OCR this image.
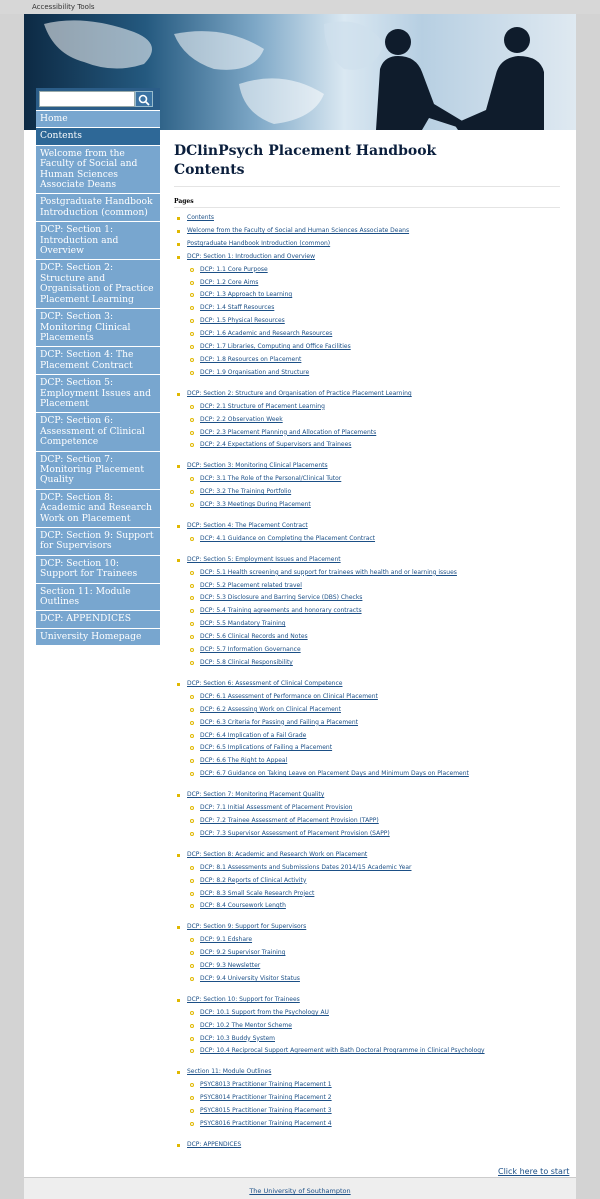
Accessibility Tools
Home
Contents
Welcome from the Faculty of Social and Human Sciences Associate Deans
Postgraduate Handbook Introduction (common)
DCP: Section 1: Introduction and Overview
DCP: Section 2: Structure and Organisation of Practice Placement Learning
DCP: Section 3: Monitoring Clinical Placements
DCP: Section 4: The Placement Contract
DCP: Section 5: Employment Issues and Placement
DCP: Section 6: Assessment of Clinical Competence
DCP: Section 7: Monitoring Placement Quality
DCP: Section 8: Academic and Research Work on Placement
DCP: Section 9: Support for Supervisors
DCP: Section 10: Support for Trainees
Section 11: Module Outlines
DCP: APPENDICES
University Homepage
DClinPsych Placement Handbook
Contents
Pages
Contents
Welcome from the Faculty of Social and Human Sciences Associate Deans
Postgraduate Handbook Introduction (common)
DCP: Section 1: Introduction and Overview
DCP: 1.1 Core Purpose
DCP: 1.2 Core Aims
DCP: 1.3 Approach to Learning
DCP: 1.4 Staff Resources
DCP: 1.5 Physical Resources
DCP: 1.6 Academic and Research Resources
DCP: 1.7 Libraries, Computing and Office Facilities
DCP: 1.8 Resources on Placement
DCP: 1.9 Organisation and Structure
DCP: Section 2: Structure and Organisation of Practice Placement Learning
DCP: 2.1 Structure of Placement Learning
DCP: 2.2 Observation Week
DCP: 2.3 Placement Planning and Allocation of Placements
DCP: 2.4 Expectations of Supervisors and Trainees
DCP: Section 3: Monitoring Clinical Placements
DCP: 3.1 The Role of the Personal/Clinical Tutor
DCP: 3.2 The Training Portfolio
DCP: 3.3 Meetings During Placement
DCP: Section 4: The Placement Contract
DCP: 4.1 Guidance on Completing the Placement Contract
DCP: Section 5: Employment Issues and Placement
DCP: 5.1 Health screening and support for trainees with health and or learning issues
DCP: 5.2 Placement related travel
DCP: 5.3 Disclosure and Barring Service (DBS) Checks
DCP: 5.4 Training agreements and honorary contracts
DCP: 5.5 Mandatory Training
DCP: 5.6 Clinical Records and Notes
DCP: 5.7 Information Governance
DCP: 5.8 Clinical Responsibility
DCP: Section 6: Assessment of Clinical Competence
DCP: 6.1 Assessment of Performance on Clinical Placement
DCP: 6.2 Assessing Work on Clinical Placement
DCP: 6.3 Criteria for Passing and Failing a Placement
DCP: 6.4 Implication of a Fail Grade
DCP: 6.5 Implications of Failing a Placement
DCP: 6.6 The Right to Appeal
DCP: 6.7 Guidance on Taking Leave on Placement Days and Minimum Days on Placement
DCP: Section 7: Monitoring Placement Quality
DCP: 7.1 Initial Assessment of Placement Provision
DCP: 7.2 Trainee Assessment of Placement Provision (TAPP)
DCP: 7.3 Supervisor Assessment of Placement Provision (SAPP)
DCP: Section 8: Academic and Research Work on Placement
DCP: 8.1 Assessments and Submissions Dates 2014/15 Academic Year
DCP: 8.2 Reports of Clinical Activity
DCP: 8.3 Small Scale Research Project
DCP: 8.4 Coursework Length
DCP: Section 9: Support for Supervisors
DCP: 9.1 Edshare
DCP: 9.2 Supervisor Training
DCP: 9.3 Newsletter
DCP: 9.4 University Visitor Status
DCP: Section 10: Support for Trainees
DCP: 10.1 Support from the Psychology AU
DCP: 10.2 The Mentor Scheme
DCP: 10.3 Buddy System
DCP: 10.4 Reciprocal Support Agreement with Bath Doctoral Programme in Clinical Psychology
Section 11: Module Outlines
PSYC8013 Practitioner Training Placement 1
PSYC8014 Practitioner Training Placement 2
PSYC8015 Practitioner Training Placement 3
PSYC8016 Practitioner Training Placement 4
DCP: APPENDICES
Click here to start
The University of Southampton
